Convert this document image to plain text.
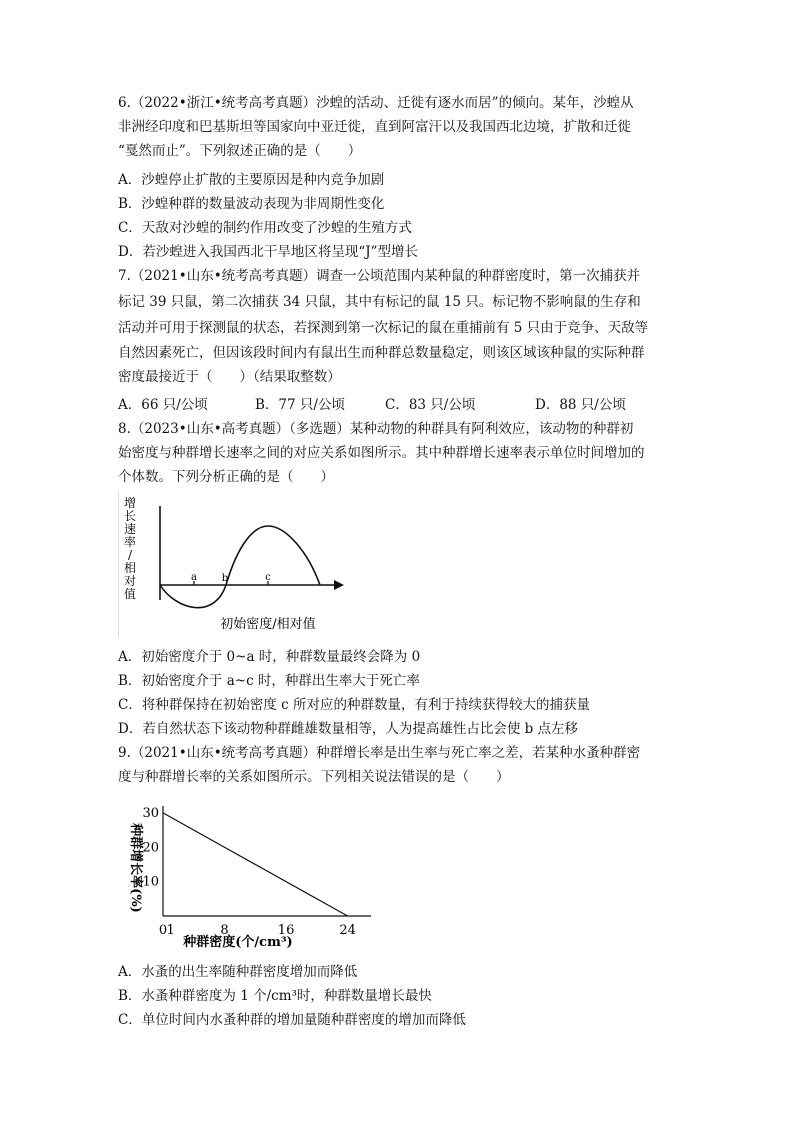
6.（2022•浙江•统考高考真题）沙蝗的活动、迁徙有逐水而居”的倾向。某年，沙蝗从
非洲经印度和巴基斯坦等国家向中亚迁徙，直到阿富汗以及我国西北边境，扩散和迁徙
“戛然而止”。下列叙述正确的是（　　）
A．沙蝗停止扩散的主要原因是种内竞争加剧
B．沙蝗种群的数量波动表现为非周期性变化
C．天敌对沙蝗的制约作用改变了沙蝗的生殖方式
D．若沙蝗进入我国西北干旱地区将呈现“J”型增长
7.（2021•山东•统考高考真题）调查一公顷范围内某种鼠的种群密度时，第一次捕获并
标记 39 只鼠，第二次捕获 34 只鼠，其中有标记的鼠 15 只。标记物不影响鼠的生存和
活动并可用于探测鼠的状态，若探测到第一次标记的鼠在重捕前有 5 只由于竞争、天敌等
自然因素死亡，但因该段时间内有鼠出生而种群总数量稳定，则该区域该种鼠的实际种群
密度最接近于（　　）（结果取整数）
A．66 只/公顷	B．77 只/公顷	C．83 只/公顷	D．88 只/公顷
8.（2023•山东•高考真题）（多选题）某种动物的种群具有阿利效应，该动物的种群初
始密度与种群增长速率之间的对应关系如图所示。其中种群增长速率表示单位时间增加的
个体数。下列分析正确的是（　　）
增
长
速
率
/
相
对
值
a b	c
初始密度/相对值
A．初始密度介于 0~a 时，种群数量最终会降为 0
B．初始密度介于 a~c 时，种群出生率大于死亡率
C．将种群保持在初始密度 c 所对应的种群数量，有利于持续获得较大的捕获量
D．若自然状态下该动物种群雌雄数量相等，人为提高雄性占比会使 b 点左移
9.（2021•山东•统考高考真题）种群增长率是出生率与死亡率之差，若某种水蚤种群密
度与种群增长率的关系如图所示。下列相关说法错误的是（　　）
种群增长率(%) 10
20
30
0 1	8	16	24
种群密度(个/cm³)
A．水蚤的出生率随种群密度增加而降低
B．水蚤种群密度为 1 个/cm³时，种群数量增长最快
C．单位时间内水蚤种群的增加量随种群密度的增加而降低
